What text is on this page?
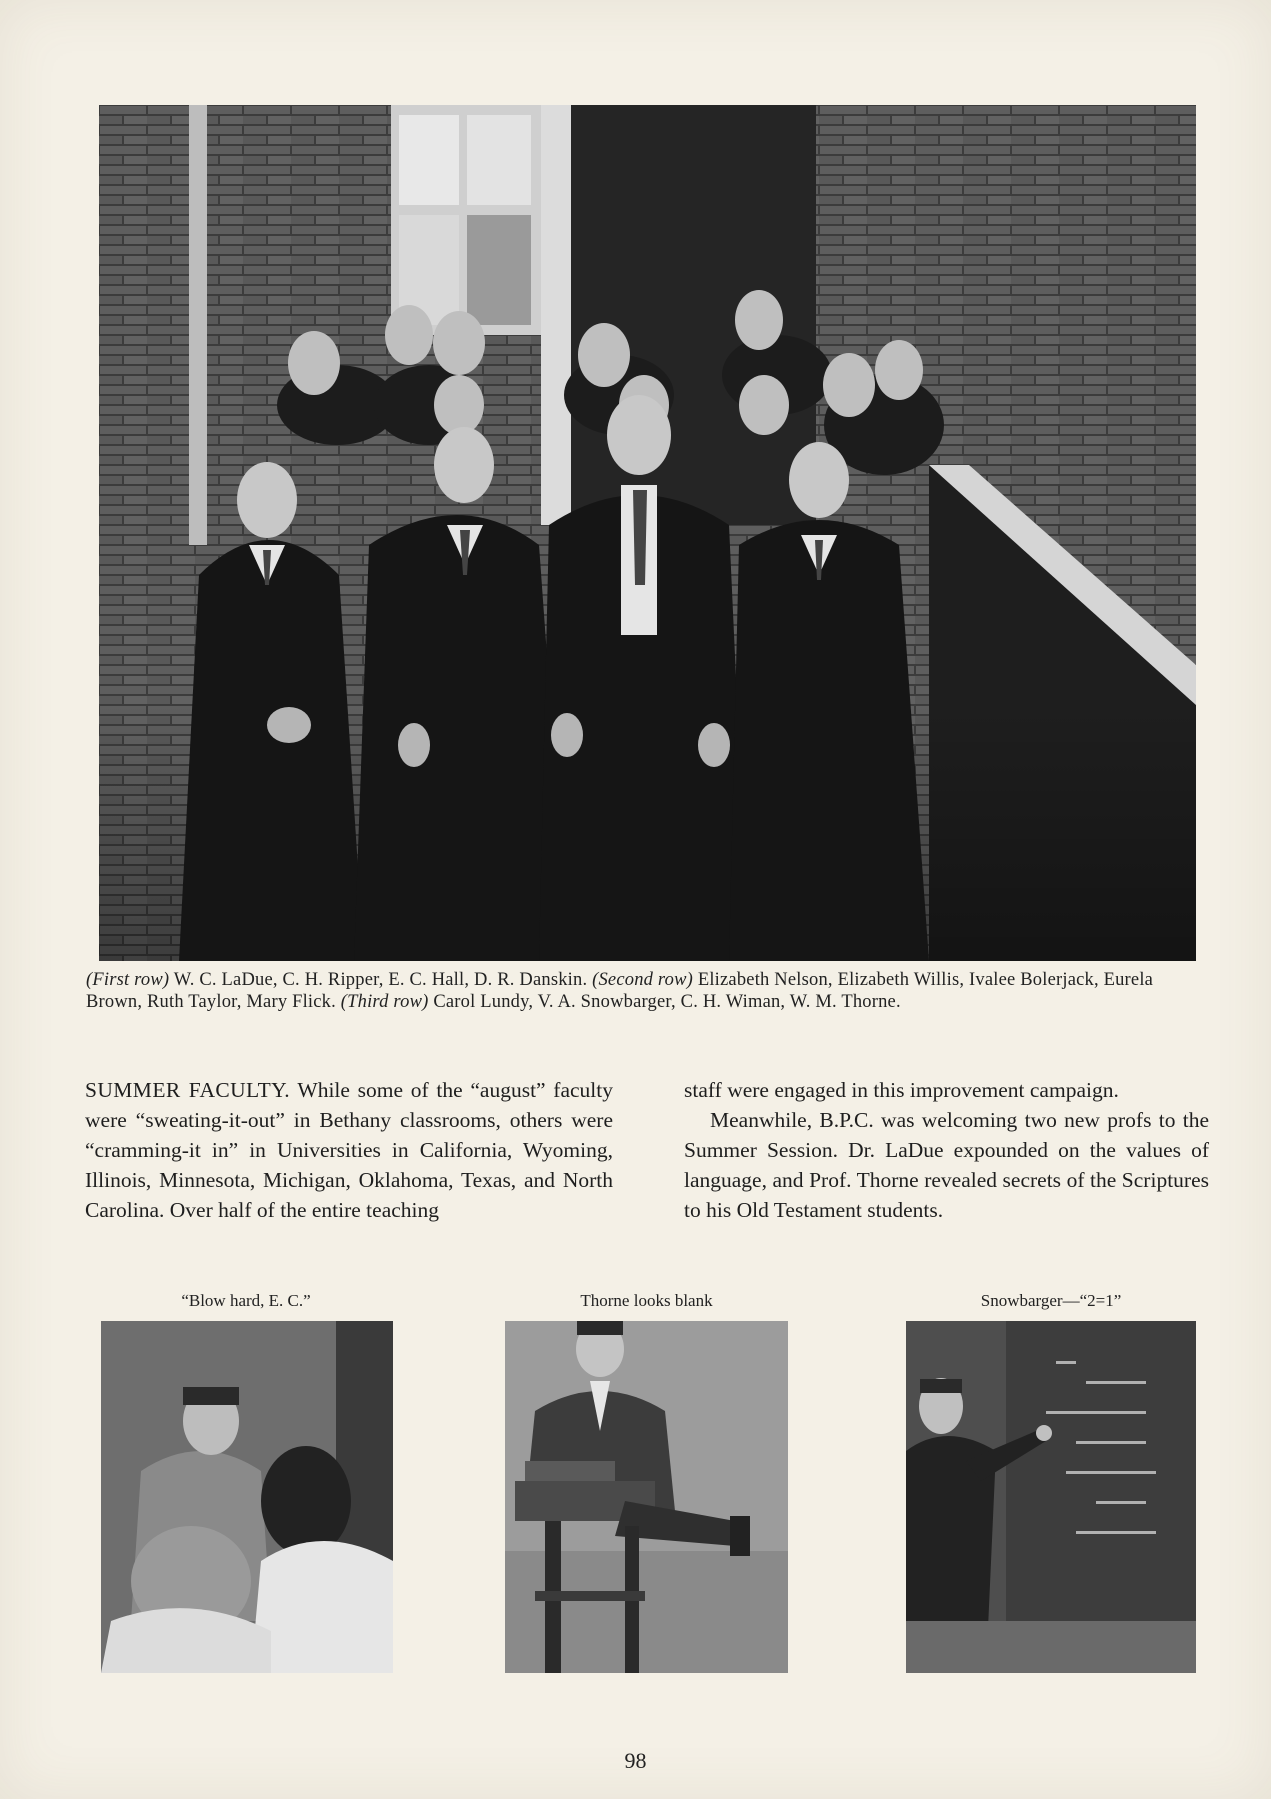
(First row) W. C. LaDue, C. H. Ripper, E. C. Hall, D. R. Danskin. (Second row) Elizabeth Nelson, Elizabeth Willis, Ivalee Bolerjack, Eurela Brown, Ruth Taylor, Mary Flick. (Third row) Carol Lundy, V. A. Snowbarger, C. H. Wiman, W. M. Thorne.

SUMMER FACULTY. While some of the “august” faculty were “sweating-it-out” in Bethany classrooms, others were “cramming-it in” in Universities in California, Wyoming, Illinois, Minnesota, Michigan, Oklahoma, Texas, and North Carolina. Over half of the entire teaching

staff were engaged in this improvement campaign.

Meanwhile, B.P.C. was welcoming two new profs to the Summer Session. Dr. LaDue expounded on the values of language, and Prof. Thorne revealed secrets of the Scriptures to his Old Testament students.

“Blow hard, E. C.”	Thorne looks blank	Snowbarger—“2=1”
98
